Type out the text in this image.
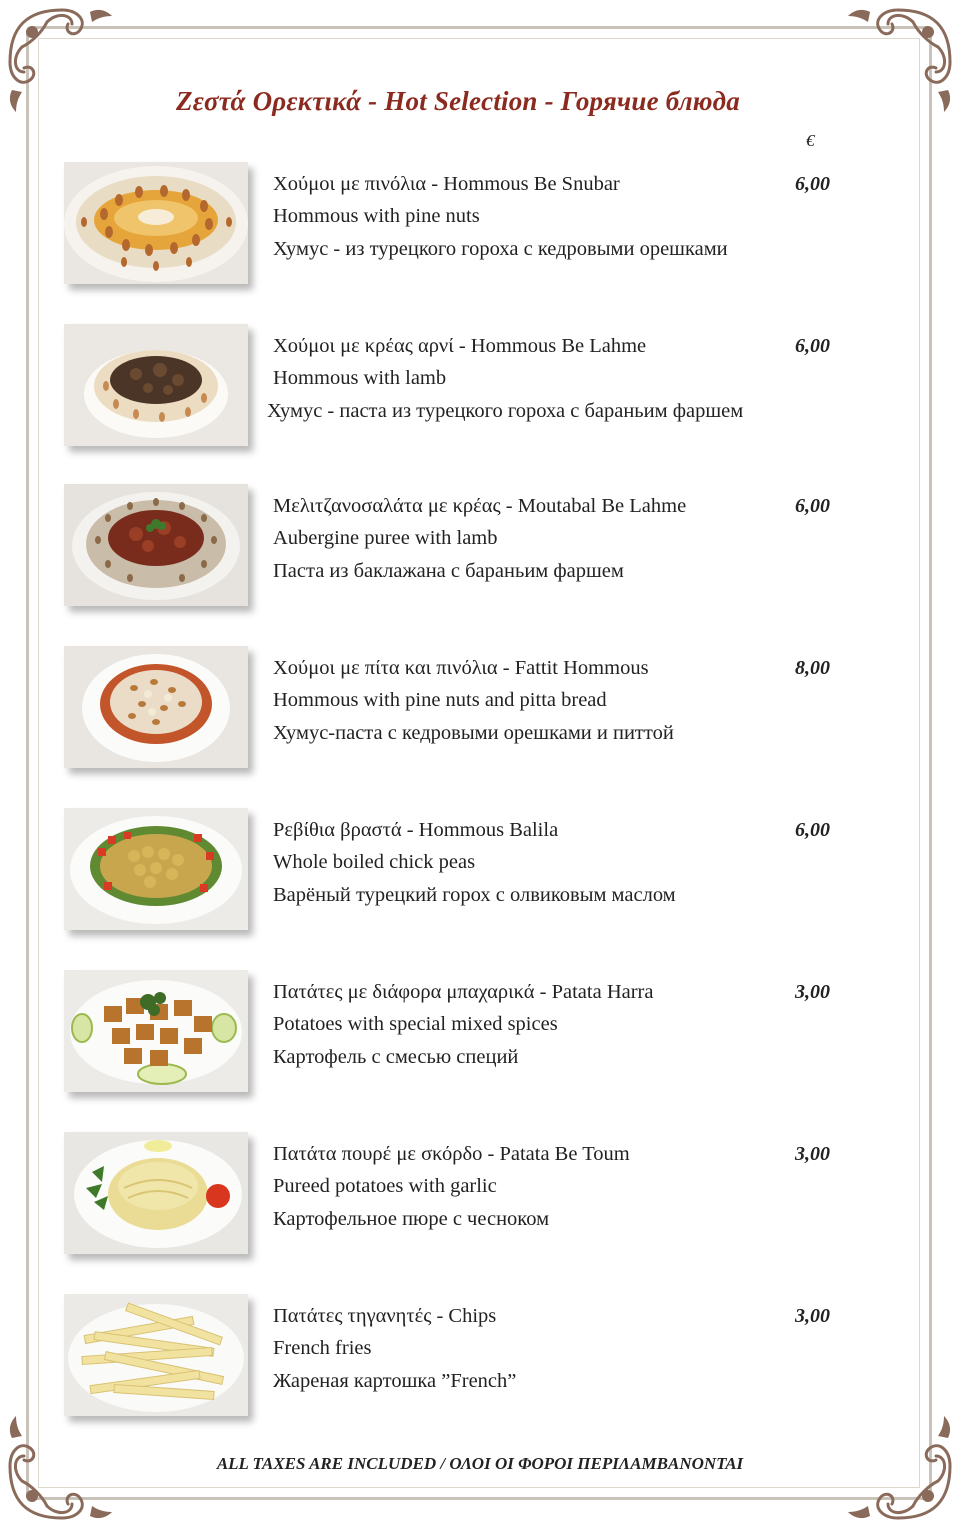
Ζεστά Ορεκτικά - Hot Selection - Горячие блюда
€
Χούμοι με πινόλια - Hommous Be Snubar
Hommous with pine nuts
Хумус - из турецкого гороха с кедровыми орешками
6,00
Χούμοι με κρέας αρνί - Hommous Be Lahme
Hommous with lamb
Хумус - паста из турецкого гороха с бараньим фаршем
6,00
Μελιτζανοσαλάτα με κρέας - Moutabal Be Lahme
Aubergine puree with lamb
Паста из баклажана с бараньим фаршем
6,00
Χούμοι με πίτα και πινόλια - Fattit Hommous
Hommous with pine nuts and pitta bread
Хумус-паста с кедровыми орешками и питтой
8,00
Ρεβίθια βραστά - Hommous Balila
Whole boiled chick peas
Варёный турецкий горох с олвиковым маслом
6,00
Πατάτες με διάφορα μπαχαρικά - Patata Harra
Potatoes with special mixed spices
Картофель с смесью специй
3,00
Πατάτα πουρέ με σκόρδο - Patata Be Toum
Pureed potatoes with garlic
Картофельное пюре с чесноком
3,00
Πατάτες τηγανητές - Chips
French fries
Жареная картошка ”French”
3,00
ALL TAXES ARE INCLUDED / ΟΛΟΙ ΟΙ ΦΟΡΟΙ ΠΕΡΙΛΑΜΒΑΝΟΝΤΑΙ
